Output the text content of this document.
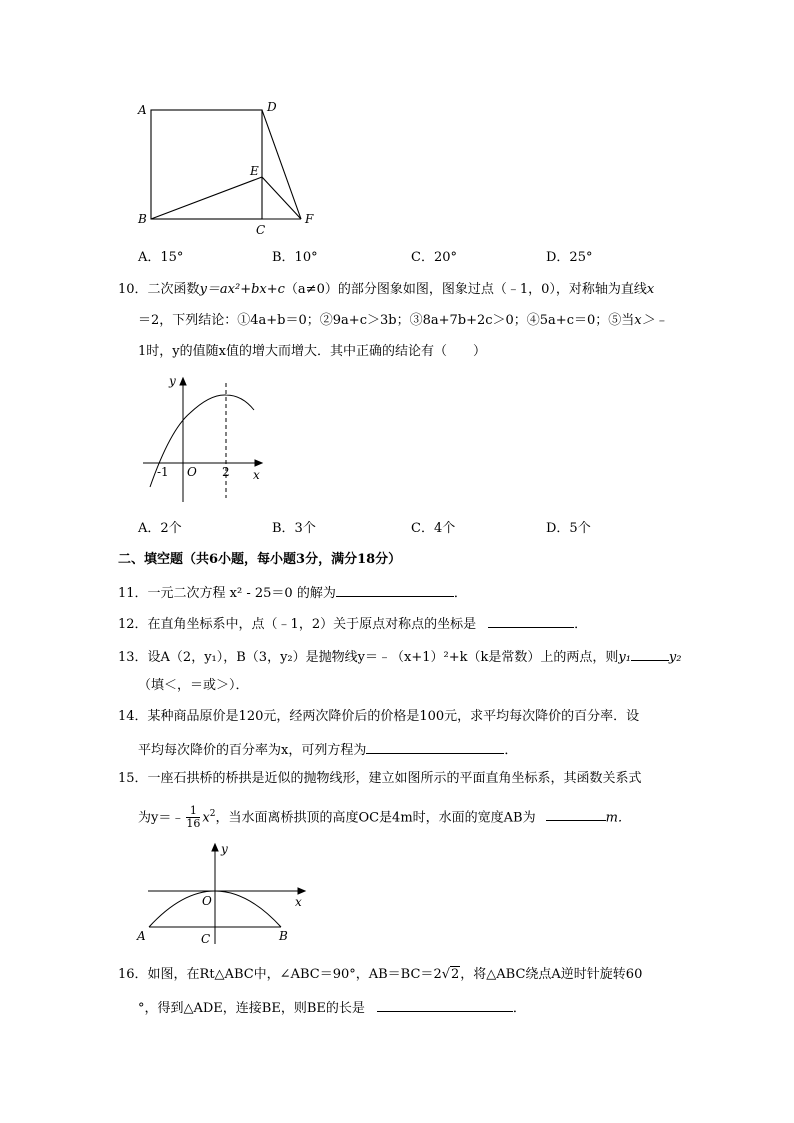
A	D
E
B
C
F
A．15°	B．10°	C．20°	D．25°
10．二次函数y＝ax²+bx+c（a≠0）的部分图象如图，图象过点（﹣1，0），对称轴为直线x
＝2，下列结论：①4a+b＝0；②9a+c＞3b；③8a+7b+2c＞0；④5a+c＝0；⑤当x＞﹣
1时，y的值随x值的增大而增大．其中正确的结论有（　　）
y
x
-1 O 2
A．2个	B．3个	C．4个	D．5个
二、填空题（共6小题，每小题3分，满分18分）
11．一元二次方程 x² - 25＝0 的解为	．
12．在直角坐标系中，点（﹣1，2）关于原点对称点的坐标是	．
13．设A（2，y₁），B（3，y₂）是抛物线y＝﹣（x+1）²+k（k是常数）上的两点，则y₁	y₂
（填＜，＝或＞）．
14．某种商品原价是120元，经两次降价后的价格是100元，求平均每次降价的百分率．设
平均每次降价的百分率为x，可列方程为	．
15．一座石拱桥的桥拱是近似的抛物线形，建立如图所示的平面直角坐标系，其函数关系式
为y＝﹣ $\frac{1}{16} x^2$，当水面离桥拱顶的高度OC是4m时，水面的宽度AB为	m．
y
x
O
A	C	B
16．如图，在Rt△ABC中，∠ABC＝90°，AB＝BC＝2√2，将△ABC绕点A逆时针旋转60
°，得到△ADE，连接BE，则BE的长是	．
